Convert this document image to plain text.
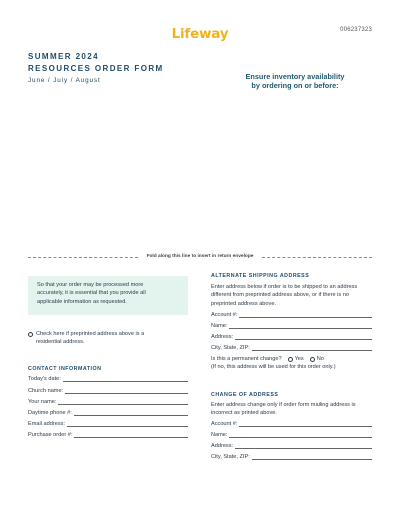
006237323
Lifeway
SUMMER 2024
RESOURCES ORDER FORM
June / July / August	Ensure inventory availability
by ordering on or before:
Fold along this line to insert in return envelope
So that your order may be processed more
accurately, it is essential that you provide all
applicable information as requested.
Check here if preprinted address above is a
residential address.
CONTACT INFORMATION
Today's date:
Church name:
Your name:
Daytime phone #:
Email address:
Purchase order #:
ALTERNATE SHIPPING ADDRESS
Enter address below if order is to be shipped to an address
different from preprinted address above, or if there is no
preprinted address above.
Account #:
Name:
Address:
City, State, ZIP:
Is this a permanent change? Yes No
(If no, this address will be used for this order only.)
CHANGE OF ADDRESS
Enter address change only if order form mailing address is
incorrect as printed above.
Account #:
Name:
Address:
City, State, ZIP:
